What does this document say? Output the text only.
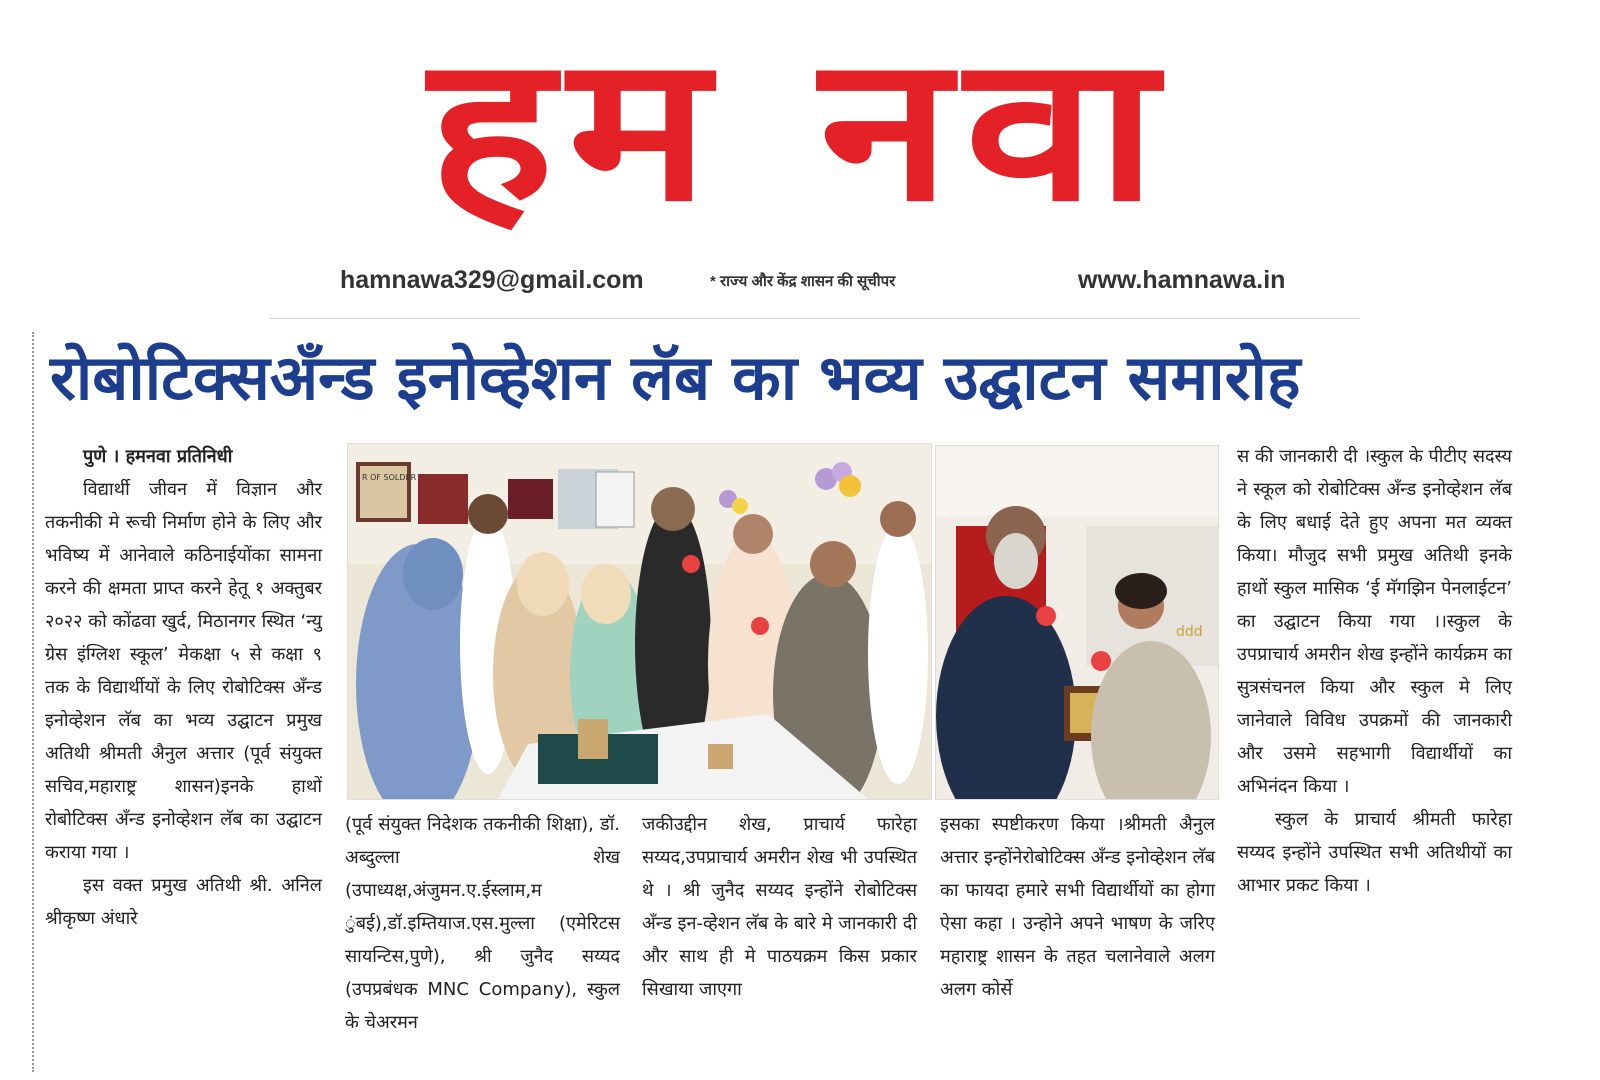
हम नवा
hamnawa329@gmail.com	* राज्य और केंद्र शासन की सूचीपर	www.hamnawa.in
रोबोटिक्सअँन्ड इनोव्हेशन लॅब का भव्य उद्घाटन समारोह
पुणे । हमनवा प्रतिनिधी

विद्यार्थी जीवन में विज्ञान और तकनीकी मे रूची निर्माण होने के लिए और भविष्य में आनेवाले कठिनाईयोंका सामना करने की क्षमता प्राप्त करने हेतू १ अक्तुबर २०२२ को कोंढवा खुर्द, मिठानगर स्थित ‘न्यु ग्रेस इंग्लिश स्कूल’ मेकक्षा ५ से कक्षा ९ तक के विद्यार्थीयों के लिए रोबोटिक्स अँन्ड इनोव्हेशन लॅब का भव्य उद्घाटन प्रमुख अतिथी श्रीमती अैनुल अत्तार (पूर्व संयुक्त सचिव,महाराष्ट्र शासन)इनके हाथों रोबोटिक्स अँन्ड इनोव्हेशन लॅब का उद्घाटन कराया गया ।

इस वक्त प्रमुख अतिथी श्री. अनिल श्रीकृष्ण अंधारे

R OF SOLDER
ddd

(पूर्व संयुक्त निदेशक तकनीकी शिक्षा), डॉ. अब्दुल्ला शेख (उपाध्यक्ष,अंजुमन.ए.ईस्लाम,म ुंबई),डॉ.इम्तियाज.एस.मुल्ला (एमेरिटस सायन्टिस,पुणे), श्री जुनैद सय्यद (उपप्रबंधक MNC Company), स्कुल के चेअरमन

जकीउद्दीन शेख, प्राचार्य फारेहा सय्यद,उपप्राचार्य अमरीन शेख भी उपस्थित थे । श्री जुनैद सय्यद इन्होंने रोबोटिक्स अँन्ड इन-व्हेशन लॅब के बारे मे जानकारी दी और साथ ही मे पाठयक्रम किस प्रकार सिखाया जाएगा

इसका स्पष्टीकरण किया ।श्रीमती अैनुल अत्तार इन्होंनेरोबोटिक्स अँन्ड इनोव्हेशन लॅब का फायदा हमारे सभी विद्यार्थीयों का होगा ऐसा कहा । उन्होने अपने भाषण के जरिए महाराष्ट्र शासन के तहत चलानेवाले अलग अलग कोर्से

स की जानकारी दी ।स्कुल के पीटीए सदस्य ने स्कूल को रोबोटिक्स अँन्ड इनोव्हेशन लॅब के लिए बधाई देते हुए अपना मत व्यक्त किया। मौजुद सभी प्रमुख अतिथी इनके हाथों स्कुल मासिक ‘ई मॅगझिन पेनलाईटन’ का उद्घाटन किया गया ।।स्कुल के उपप्राचार्य अमरीन शेख इन्होंने कार्यक्रम का सुत्रसंचनल किया और स्कुल मे लिए जानेवाले विविध उपक्रमों की जानकारी और उसमे सहभागी विद्यार्थीयों का अभिनंदन किया ।

स्कुल के प्राचार्य श्रीमती फारेहा सय्यद इन्होंने उपस्थित सभी अतिथीयों का आभार प्रकट किया ।
